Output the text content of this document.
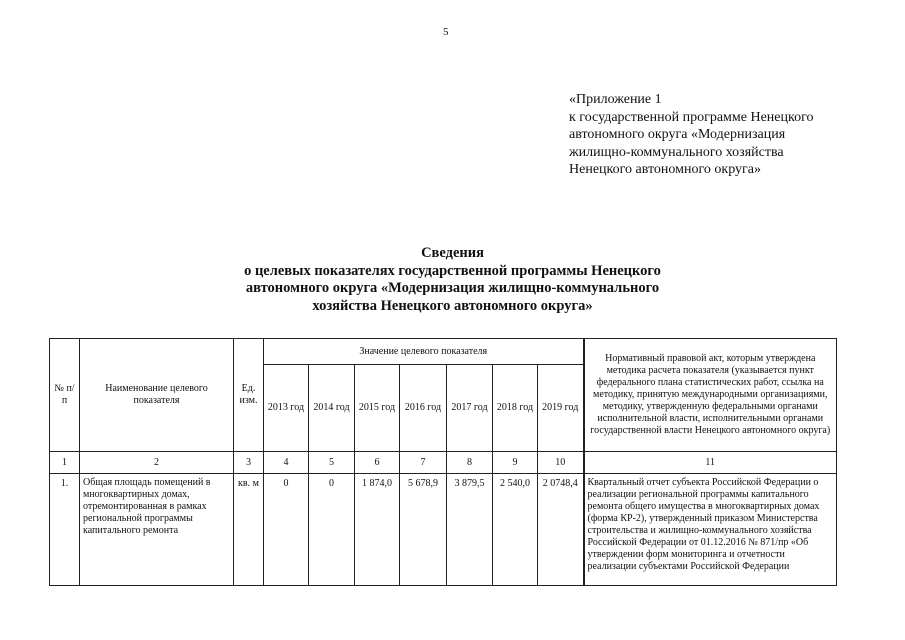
5
«Приложение 1
к государственной программе Ненецкого
автономного округа «Модернизация
жилищно-коммунального хозяйства
Ненецкого автономного округа»
Сведения
о целевых показателях государственной программы Ненецкого
автономного округа «Модернизация жилищно-коммунального
хозяйства Ненецкого автономного округа»
№ п/п	Наименование целевого показателя	Ед. изм.	Значение целевого показателя							Нормативный правовой акт, которым утверждена методика расчета показателя (указывается пункт федерального плана статистических работ, ссылка на методику, принятую международными организациями, методику, утвержденную федеральными органами исполнительной власти, исполнительными органами государственной власти Ненецкого автономного округа)
			2013 год	2014 год	2015 год	2016 год	2017 год	2018 год	2019 год	
1	2	3	4	5	6	7	8	9	10	11
1.	Общая площадь помещений в многоквартирных домах, отремонтированная в рамках региональной программы капитального ремонта	кв. м	0	0	1 874,0	5 678,9	3 879,5	2 540,0	2 0748,4	Квартальный отчет субъекта Российской Федерации о реализации региональной программы капитального ремонта общего имущества в многоквартирных домах (форма КР-2), утвержденный приказом Министерства строительства и жилищно-коммунального хозяйства Российской Федерации от 01.12.2016 № 871/пр «Об утверждении форм мониторинга и отчетности реализации субъектами Российской Федерации
